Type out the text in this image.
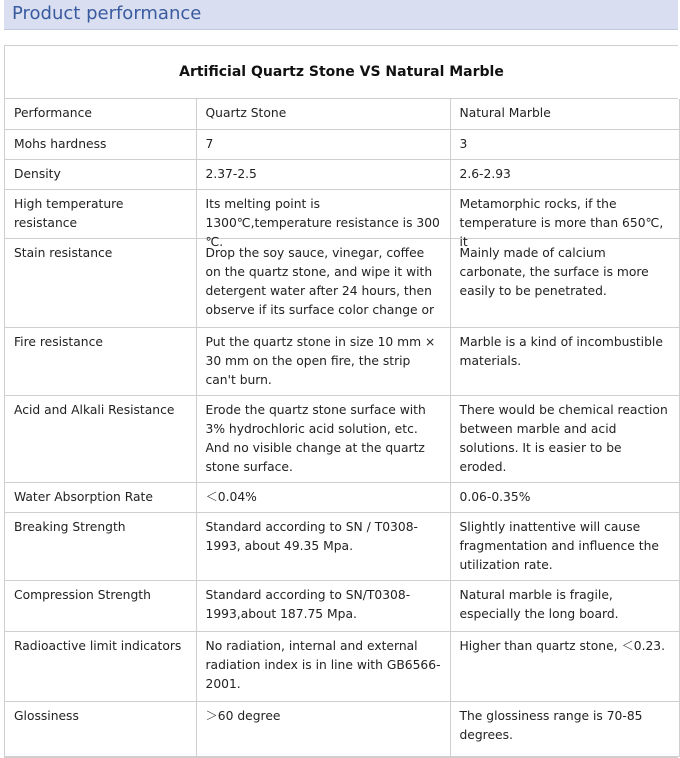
Product performance
Artificial Quartz Stone VS Natural Marble
Performance	Quartz Stone	Natural Marble
Mohs hardness	7	3
Density	2.37-2.5	2.6-2.93
High temperature resistance	Its melting point is 1300℃,temperature resistance is 300 ℃.	Metamorphic rocks, if the temperature is more than 650℃, it

Stain resistance	Drop the soy sauce, vinegar, coffee on the quartz stone, and wipe it with detergent water after 24 hours, then observe if its surface color change or	Mainly made of calcium carbonate, the surface is more easily to be penetrated.
Fire resistance	Put the quartz stone in size 10 mm × 30 mm on the open fire, the strip can't burn.	Marble is a kind of incombustible materials.
Acid and Alkali Resistance	Erode the quartz stone surface with 3% hydrochloric acid solution, etc. And no visible change at the quartz stone surface.	There would be chemical reaction between marble and acid solutions. It is easier to be eroded.
Water Absorption Rate	＜0.04%	0.06-0.35%
Breaking Strength	Standard according to SN / T0308-1993, about 49.35 Mpa.	Slightly inattentive will cause fragmentation and influence the utilization rate.
Compression Strength	Standard according to SN/T0308-1993,about 187.75 Mpa.	Natural marble is fragile, especially the long board.
Radioactive limit indicators	No radiation, internal and external radiation index is in line with GB6566-2001.	Higher than quartz stone, ＜0.23.
Glossiness	＞60 degree	The glossiness range is 70-85 degrees.
